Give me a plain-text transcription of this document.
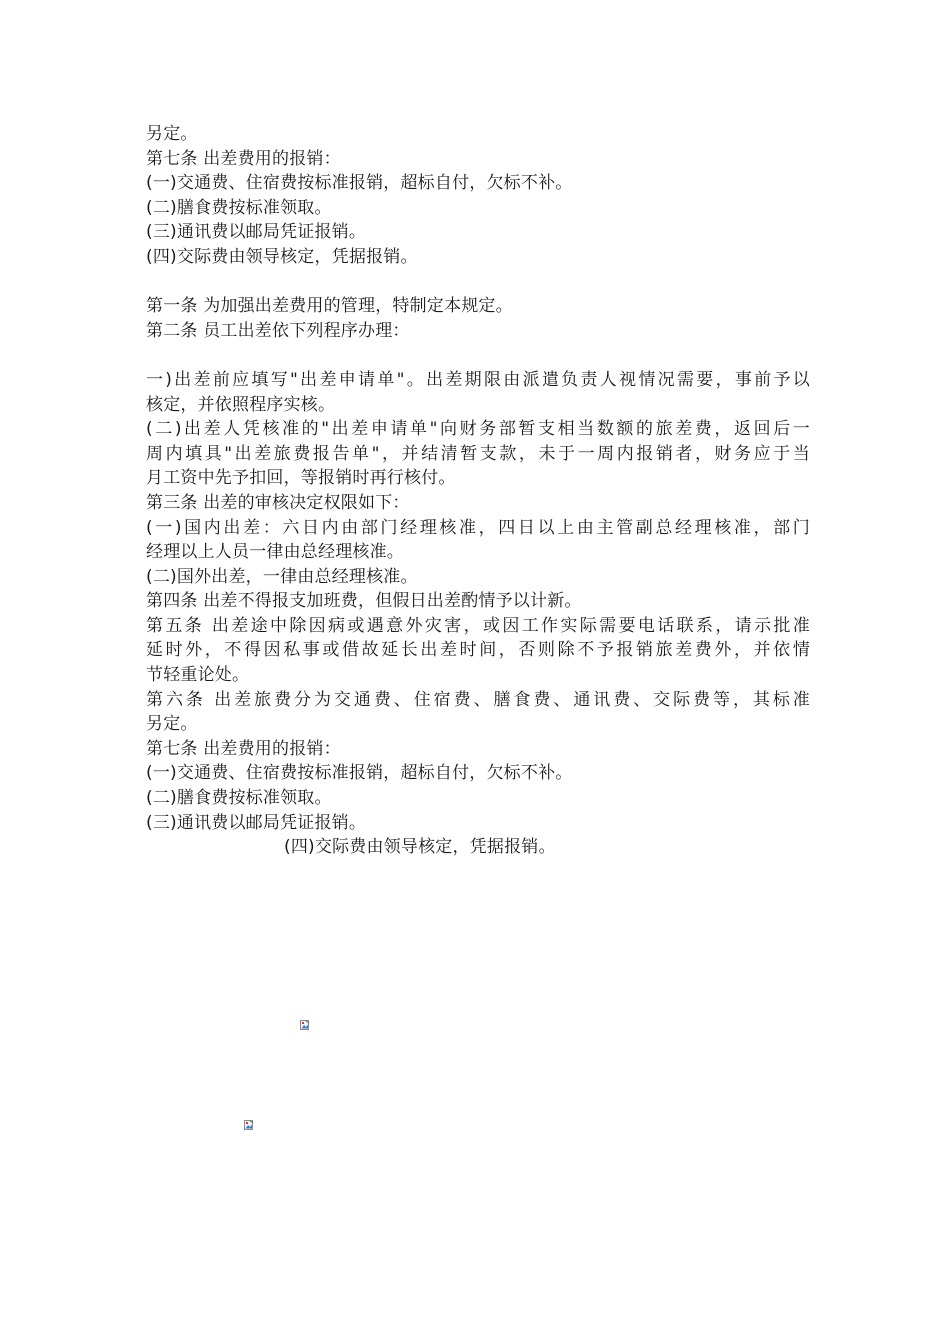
另定。
第七条 出差费用的报销：
(一)交通费、住宿费按标准报销，超标自付，欠标不补。
(二)膳食费按标准领取。
(三)通讯费以邮局凭证报销。
(四)交际费由领导核定，凭据报销。
第一条 为加强出差费用的管理，特制定本规定。
第二条 员工出差依下列程序办理：
一)出差前应填写"出差申请单"。出差期限由派遣负责人视情况需要，事前予以
核定，并依照程序实核。
(二)出差人凭核准的"出差申请单"向财务部暂支相当数额的旅差费，返回后一
周内填具"出差旅费报告单"，并结清暂支款，未于一周内报销者，财务应于当
月工资中先予扣回，等报销时再行核付。
第三条 出差的审核决定权限如下：
(一)国内出差：六日内由部门经理核准，四日以上由主管副总经理核准，部门
经理以上人员一律由总经理核准。
(二)国外出差，一律由总经理核准。
第四条 出差不得报支加班费，但假日出差酌情予以计新。
第五条 出差途中除因病或遇意外灾害，或因工作实际需要电话联系，请示批准
延时外，不得因私事或借故延长出差时间，否则除不予报销旅差费外，并依情
节轻重论处。
第六条 出差旅费分为交通费、住宿费、膳食费、通讯费、交际费等，其标准
另定。
第七条 出差费用的报销：
(一)交通费、住宿费按标准报销，超标自付，欠标不补。
(二)膳食费按标准领取。
(三)通讯费以邮局凭证报销。
(四)交际费由领导核定，凭据报销。
